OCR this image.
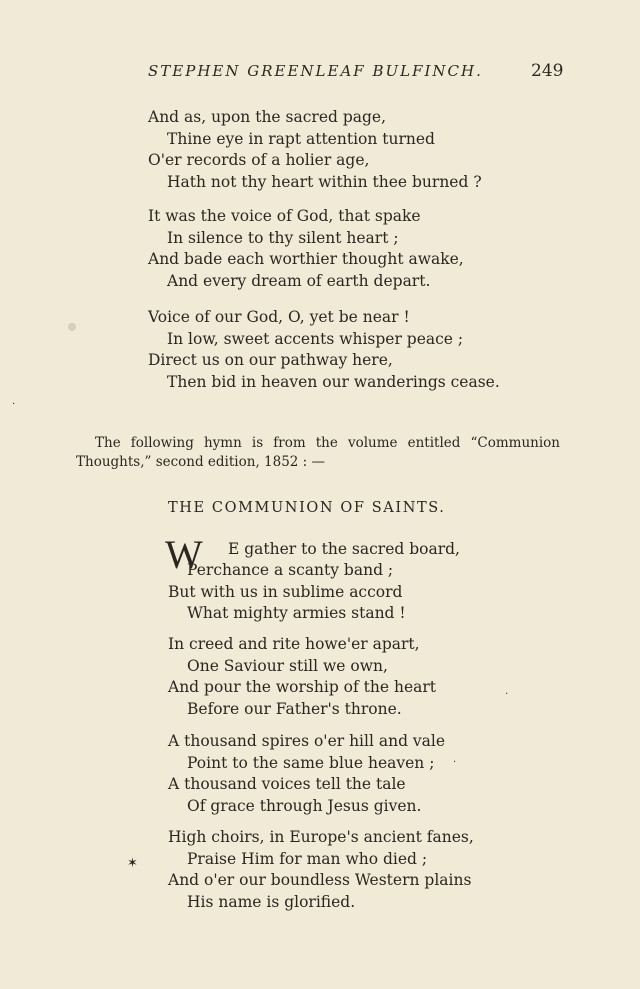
STEPHEN GREENLEAF BULFINCH.	249
And as, upon the sacred page,
Thine eye in rapt attention turned
O'er records of a holier age,
Hath not thy heart within thee burned ?
It was the voice of God, that spake
In silence to thy silent heart ;
And bade each worthier thought awake,
And every dream of earth depart.
Voice of our God, O, yet be near !
In low, sweet accents whisper peace ;
Direct us on our pathway here,
Then bid in heaven our wanderings cease.
·
The following hymn is from the volume entitled “Communion
Thoughts,” second edition, 1852 : —
THE COMMUNION OF SAINTS.
W E gather to the sacred board,
Perchance a scanty band ;
But with us in sublime accord
What mighty armies stand !
In creed and rite howe'er apart,
One Saviour still we own,
And pour the worship of the heart
Before our Father's throne.
A thousand spires o'er hill and vale
Point to the same blue heaven ;
A thousand voices tell the tale
Of grace through Jesus given.
High choirs, in Europe's ancient fanes,
Praise Him for man who died ;
And o'er our boundless Western plains
His name is glorified.
✶
·
·
